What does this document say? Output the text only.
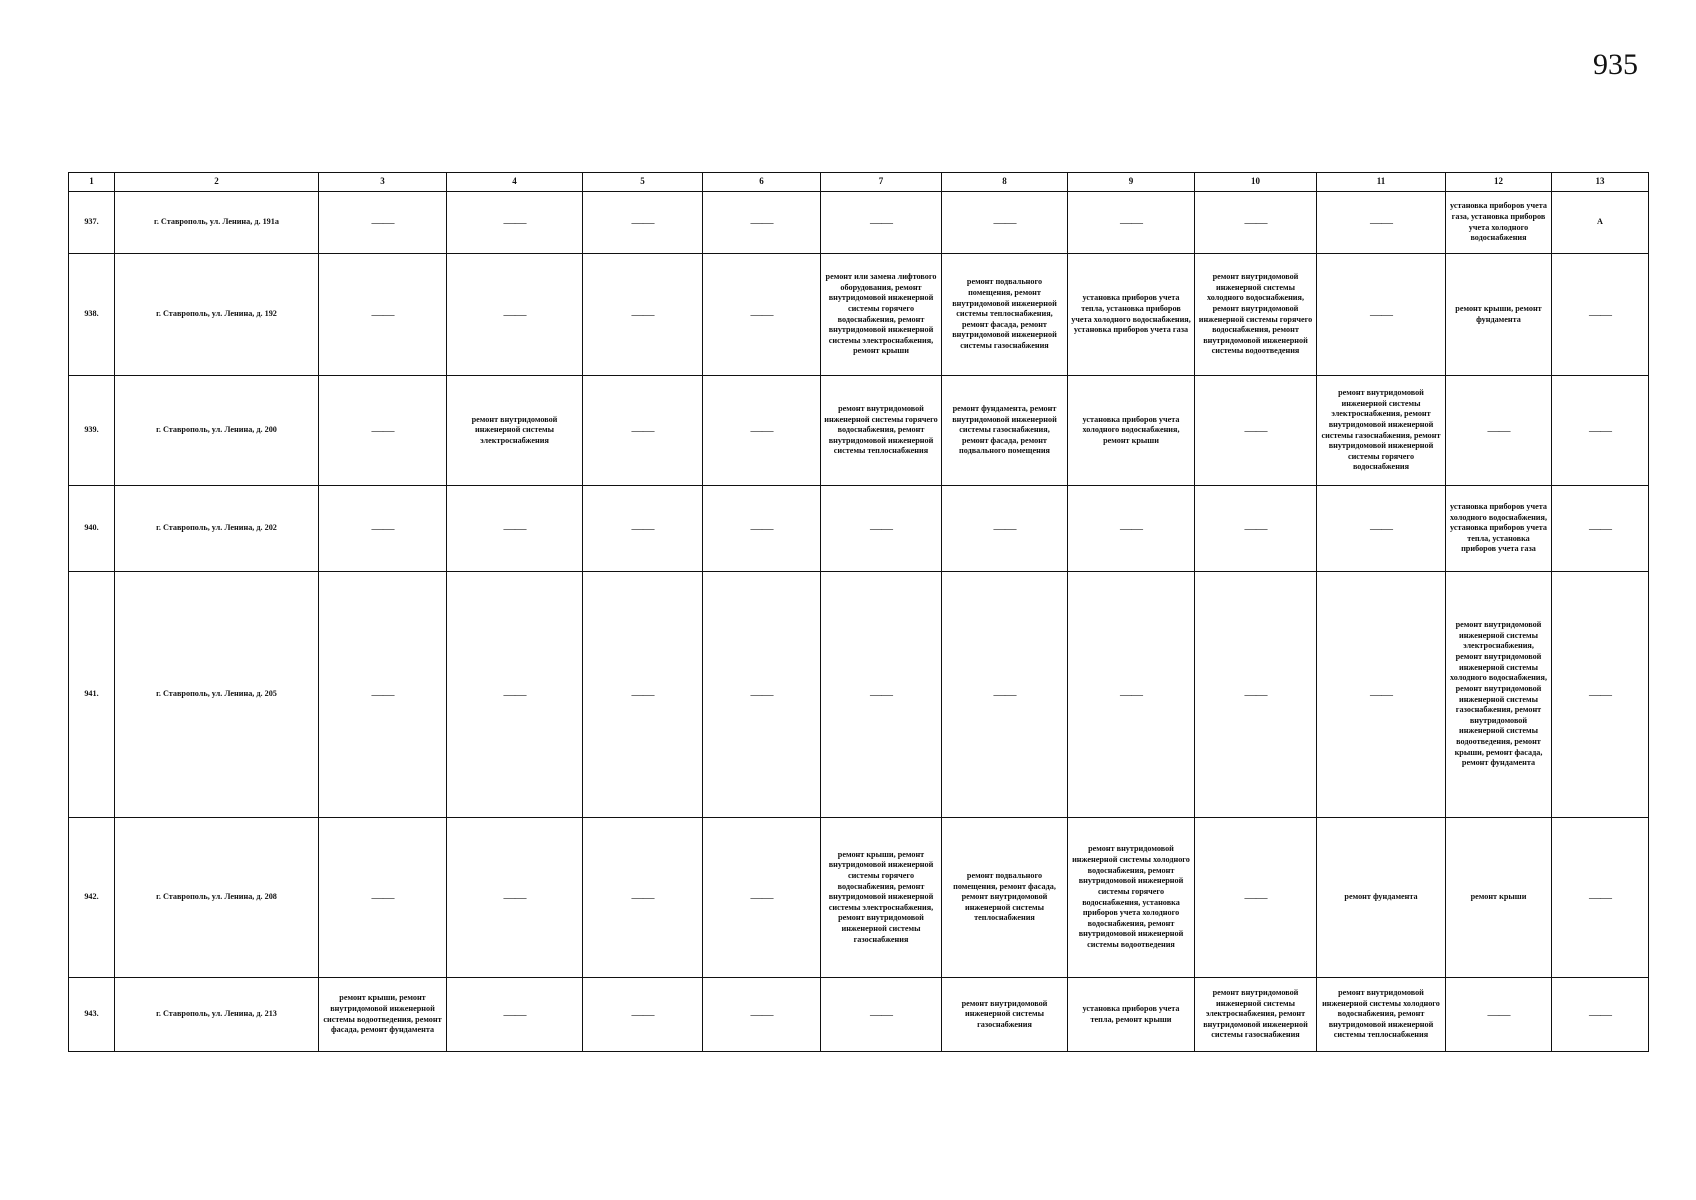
935
1	2	3	4	5	6	7	8	9	10	11	12	13
937.	г. Ставрополь, ул. Ленина, д. 191а	——	——	——	——	——	——	——	——	——	установка приборов учета газа, установка приборов учета холодного водоснабжения	А
938.	г. Ставрополь, ул. Ленина, д. 192	——	——	——	——	ремонт или замена лифтового оборудования, ремонт внутридомовой инженерной системы горячего водоснабжения, ремонт внутридомовой инженерной системы электроснабжения, ремонт крыши	ремонт подвального помещения, ремонт внутридомовой инженерной системы теплоснабжения, ремонт фасада, ремонт внутридомовой инженерной системы газоснабжения	установка приборов учета тепла, установка приборов учета холодного водоснабжения, установка приборов учета газа	ремонт внутридомовой инженерной системы холодного водоснабжения, ремонт внутридомовой инженерной системы горячего водоснабжения, ремонт внутридомовой инженерной системы водоотведения	——	ремонт крыши, ремонт фундамента	——
939.	г. Ставрополь, ул. Ленина, д. 200	——	ремонт внутридомовой инженерной системы электроснабжения	——	——	ремонт внутридомовой инженерной системы горячего водоснабжения, ремонт внутридомовой инженерной системы теплоснабжения	ремонт фундамента, ремонт внутридомовой инженерной системы газоснабжения, ремонт фасада, ремонт подвального помещения	установка приборов учета холодного водоснабжения, ремонт крыши	——	ремонт внутридомовой инженерной системы электроснабжения, ремонт внутридомовой инженерной системы газоснабжения, ремонт внутридомовой инженерной системы горячего водоснабжения	——	——
940.	г. Ставрополь, ул. Ленина, д. 202	——	——	——	——	——	——	——	——	——	установка приборов учета холодного водоснабжения, установка приборов учета тепла, установка приборов учета газа	——
941.	г. Ставрополь, ул. Ленина, д. 205	——	——	——	——	——	——	——	——	——	ремонт внутридомовой инженерной системы электроснабжения, ремонт внутридомовой инженерной системы холодного водоснабжения, ремонт внутридомовой инженерной системы газоснабжения, ремонт внутридомовой инженерной системы водоотведения, ремонт крыши, ремонт фасада, ремонт фундамента	——
942.	г. Ставрополь, ул. Ленина, д. 208	——	——	——	——	ремонт крыши, ремонт внутридомовой инженерной системы горячего водоснабжения, ремонт внутридомовой инженерной системы электроснабжения, ремонт внутридомовой инженерной системы газоснабжения	ремонт подвального помещения, ремонт фасада, ремонт внутридомовой инженерной системы теплоснабжения	ремонт внутридомовой инженерной системы холодного водоснабжения, ремонт внутридомовой инженерной системы горячего водоснабжения, установка приборов учета холодного водоснабжения, ремонт внутридомовой инженерной системы водоотведения	——	ремонт фундамента	ремонт крыши	——
943.	г. Ставрополь, ул. Ленина, д. 213	ремонт крыши, ремонт внутридомовой инженерной системы водоотведения, ремонт фасада, ремонт фундамента	——	——	——	——	ремонт внутридомовой инженерной системы газоснабжения	установка приборов учета тепла, ремонт крыши	ремонт внутридомовой инженерной системы электроснабжения, ремонт внутридомовой инженерной системы газоснабжения	ремонт внутридомовой инженерной системы холодного водоснабжения, ремонт внутридомовой инженерной системы теплоснабжения	——	——
